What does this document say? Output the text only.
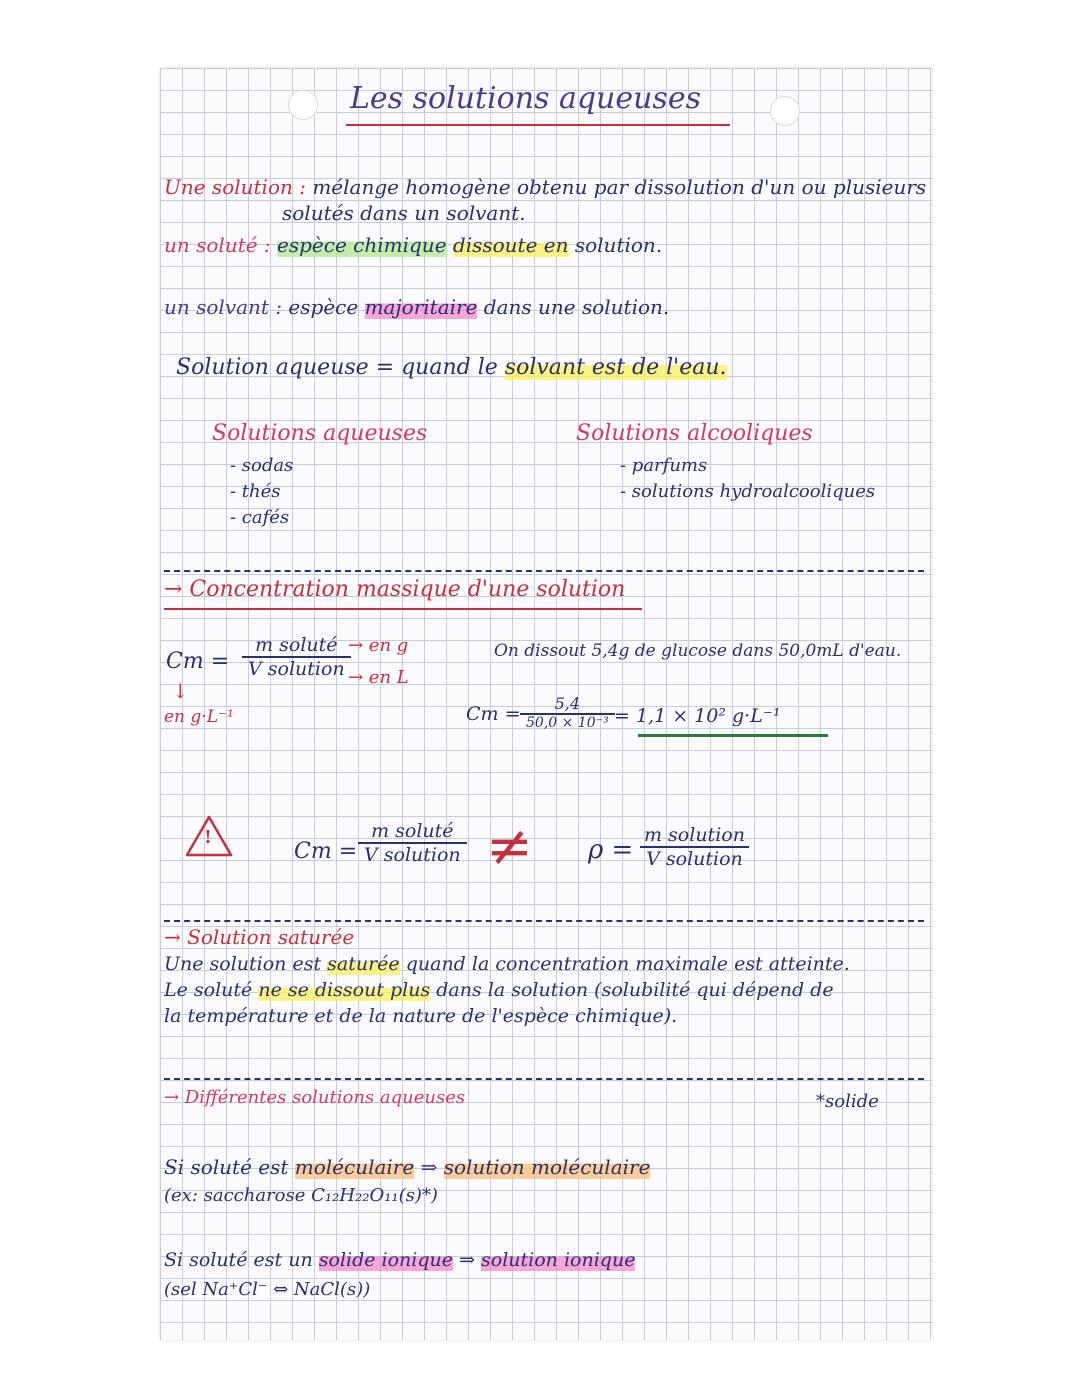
Les solutions aqueuses
Une solution : mélange homogène obtenu par dissolution d'un ou plusieurs
solutés dans un solvant.
un soluté : espèce chimique dissoute en solution.
un solvant : espèce majoritaire dans une solution.
Solution aqueuse = quand le solvant est de l'eau.
Solutions aqueuses
- sodas
- thés
- cafés
Solutions alcooliques
- parfums
- solutions hydroalcooliques
→ Concentration massique d'une solution
Cm =
m soluté
V solution
→ en g
→ en L
↓
en g·L⁻¹
On dissout 5,4g de glucose dans 50,0mL d'eau.
$Cm = \frac{5,4}{\text{50,0 × 10⁻³}} = 1,1 \times 10^2$ g·L⁻¹
!
Cm =
m soluté
V solution ≠ ρ = m solution
V solution
→ Solution saturée
Une solution est saturée quand la concentration maximale est atteinte.
Le soluté ne se dissout plus dans la solution (solubilité qui dépend de
la température et de la nature de l'espèce chimique).
→ Différentes solutions aqueuses	*solide
Si soluté est moléculaire ⇒ solution moléculaire
(ex: saccharose C₁₂H₂₂O₁₁(s)*)
Si soluté est un solide ionique ⇒ solution ionique
(sel Na⁺Cl⁻ ⇔ NaCl(s))
